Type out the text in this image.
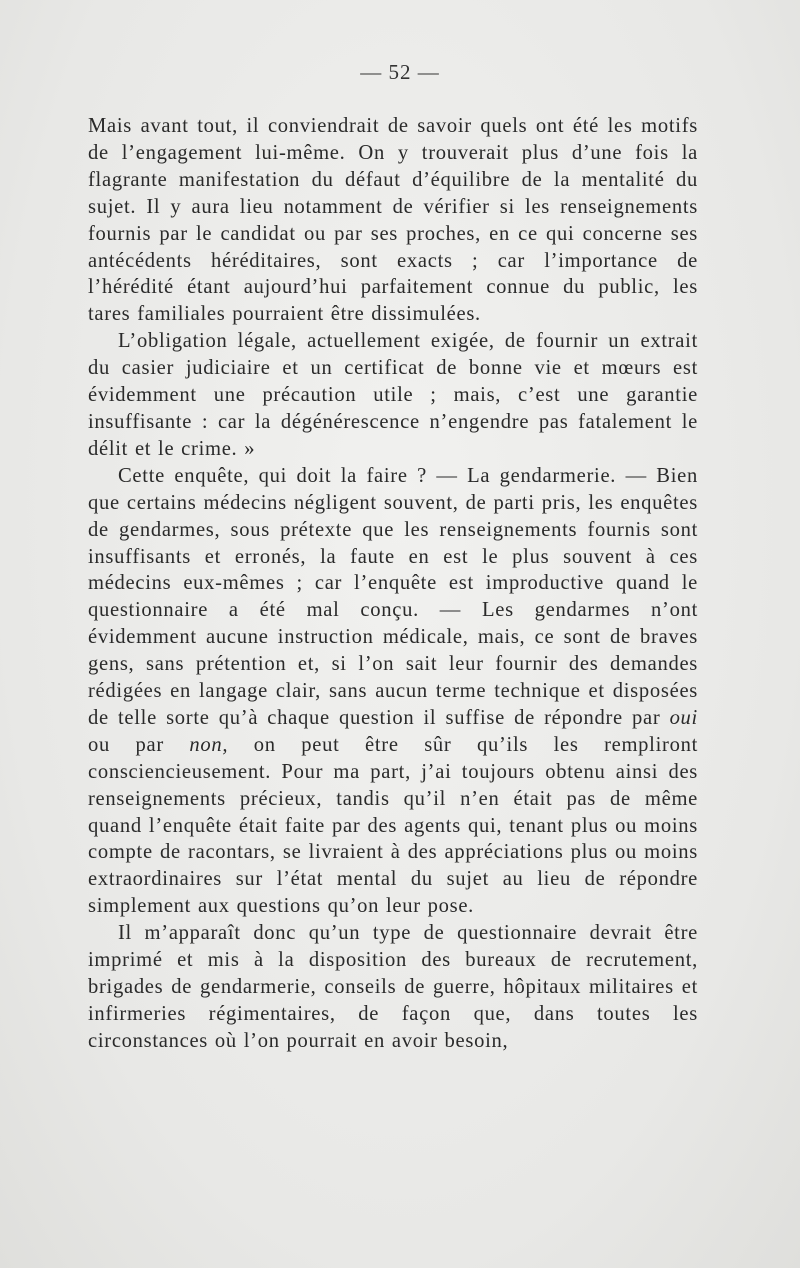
— 52 —

Mais avant tout, il conviendrait de savoir quels ont été les motifs de l’engagement lui-même. On y trouverait plus d’une fois la flagrante manifestation du défaut d’équilibre de la mentalité du sujet. Il y aura lieu notamment de vérifier si les renseignements fournis par le candidat ou par ses proches, en ce qui concerne ses antécédents héréditaires, sont exacts ; car l’importance de l’hérédité étant aujourd’hui parfaitement connue du public, les tares familiales pourraient être dissimulées.

L’obligation légale, actuellement exigée, de fournir un extrait du casier judiciaire et un certificat de bonne vie et mœurs est évidemment une précaution utile ; mais, c’est une garantie insuffisante : car la dégénérescence n’engendre pas fatalement le délit et le crime. »

Cette enquête, qui doit la faire ? — La gendarmerie. — Bien que certains médecins négligent souvent, de parti pris, les enquêtes de gendarmes, sous prétexte que les renseignements fournis sont insuffisants et erronés, la faute en est le plus souvent à ces médecins eux-mêmes ; car l’enquête est improductive quand le questionnaire a été mal conçu. — Les gendarmes n’ont évidemment aucune instruction médicale, mais, ce sont de braves gens, sans prétention et, si l’on sait leur fournir des demandes rédigées en langage clair, sans aucun terme technique et disposées de telle sorte qu’à chaque question il suffise de répondre par oui ou par non, on peut être sûr qu’ils les rempliront consciencieusement. Pour ma part, j’ai toujours obtenu ainsi des renseignements précieux, tandis qu’il n’en était pas de même quand l’enquête était faite par des agents qui, tenant plus ou moins compte de racontars, se livraient à des appréciations plus ou moins extraordinaires sur l’état mental du sujet au lieu de répondre simplement aux questions qu’on leur pose.

Il m’apparaît donc qu’un type de questionnaire devrait être imprimé et mis à la disposition des bureaux de recrutement, brigades de gendarmerie, conseils de guerre, hôpitaux militaires et infirmeries régimentaires, de façon que, dans toutes les circonstances où l’on pourrait en avoir besoin,
